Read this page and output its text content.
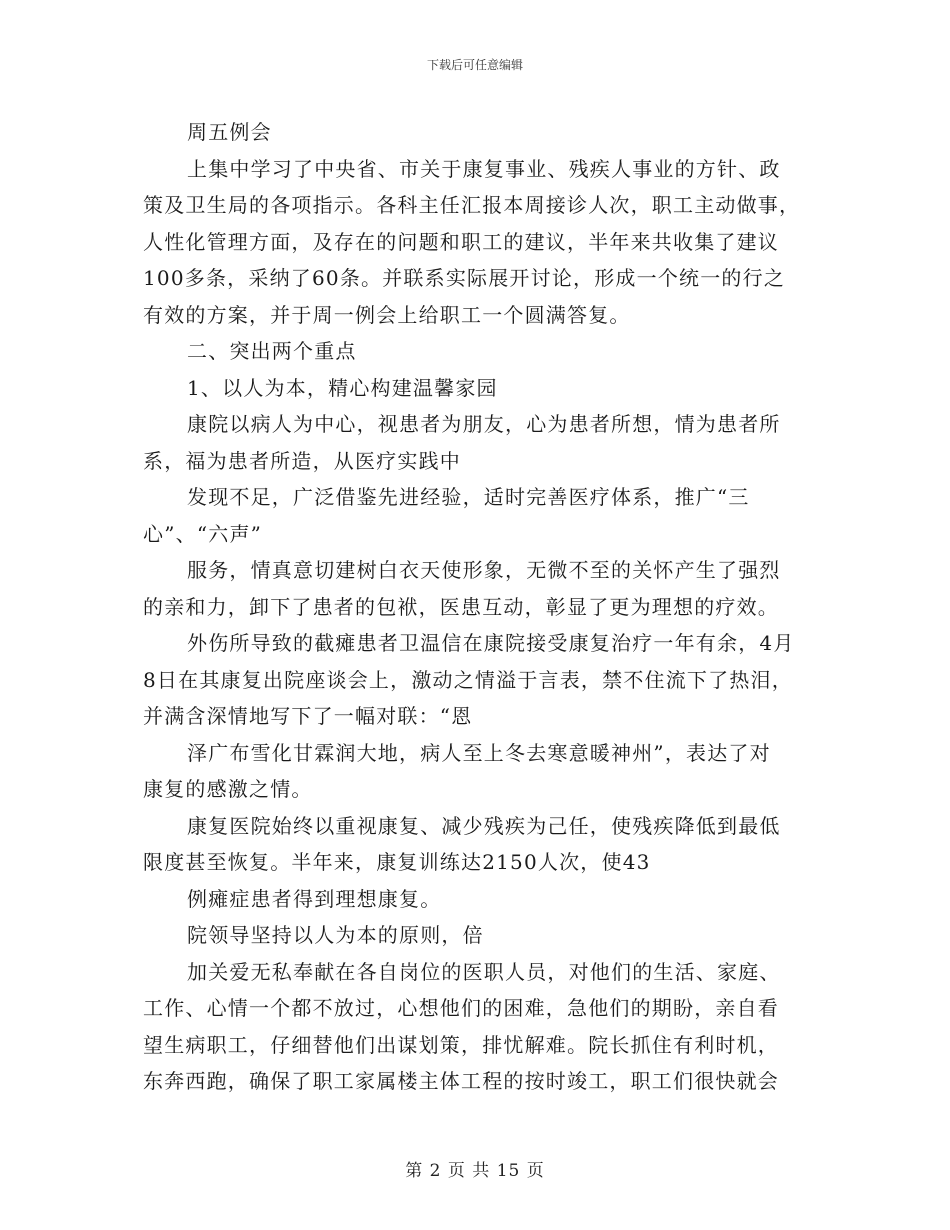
下载后可任意编辑
周五例会
上集中学习了中央省、市关于康复事业、残疾人事业的方针、政
策及卫生局的各项指示。各科主任汇报本周接诊人次，职工主动做事，
人性化管理方面，及存在的问题和职工的建议，半年来共收集了建议
100多条，采纳了60条。并联系实际展开讨论，形成一个统一的行之
有效的方案，并于周一例会上给职工一个圆满答复。
二、突出两个重点
1、以人为本，精心构建温馨家园
康院以病人为中心，视患者为朋友，心为患者所想，情为患者所
系，福为患者所造，从医疗实践中
发现不足，广泛借鉴先进经验，适时完善医疗体系，推广“三
心”、“六声”
服务，情真意切建树白衣天使形象，无微不至的关怀产生了强烈
的亲和力，卸下了患者的包袱，医患互动，彰显了更为理想的疗效。
外伤所导致的截瘫患者卫温信在康院接受康复治疗一年有余，4月
8日在其康复出院座谈会上，激动之情溢于言表，禁不住流下了热泪，
并满含深情地写下了一幅对联：“恩
泽广布雪化甘霖润大地，病人至上冬去寒意暖神州”，表达了对
康复的感激之情。
康复医院始终以重视康复、减少残疾为己任，使残疾降低到最低
限度甚至恢复。半年来，康复训练达2150人次，使43
例瘫症患者得到理想康复。
院领导坚持以人为本的原则，倍
加关爱无私奉献在各自岗位的医职人员，对他们的生活、家庭、
工作、心情一个都不放过，心想他们的困难，急他们的期盼，亲自看
望生病职工，仔细替他们出谋划策，排忧解难。院长抓住有利时机，
东奔西跑，确保了职工家属楼主体工程的按时竣工，职工们很快就会
第 2 页 共 15 页
